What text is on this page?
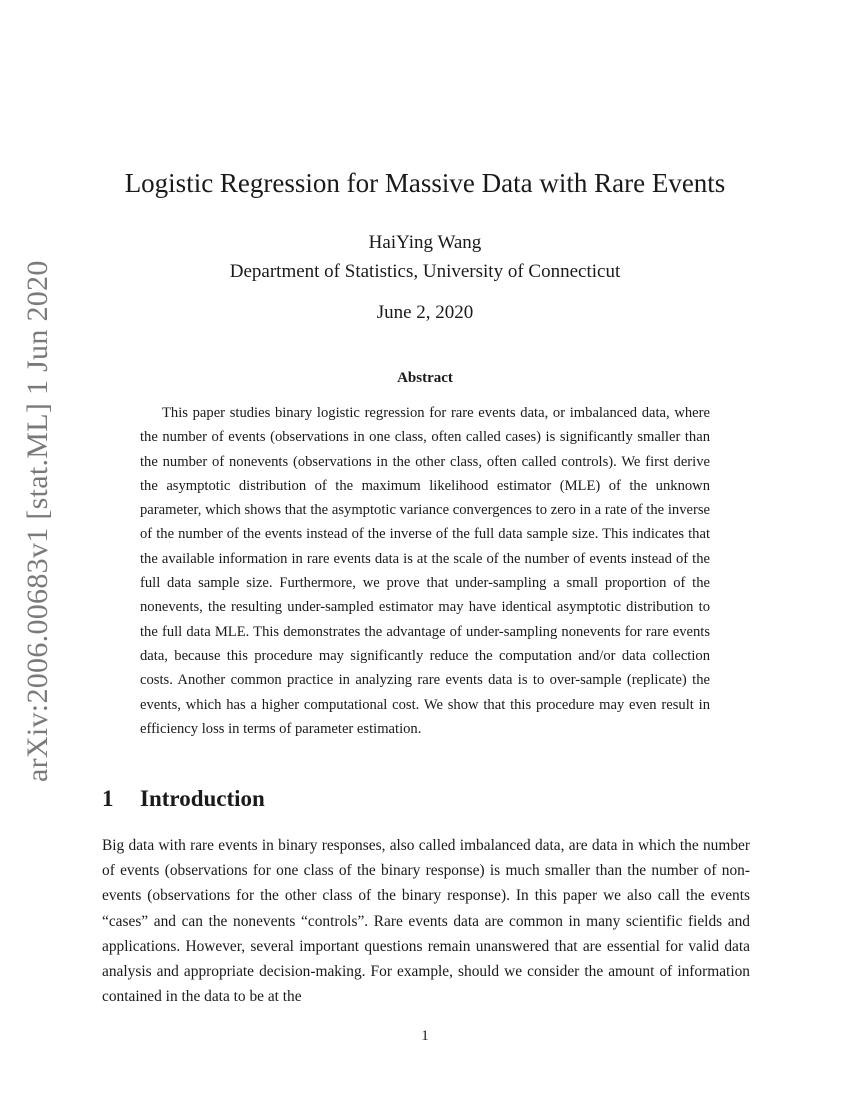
arXiv:2006.00683v1 [stat.ML] 1 Jun 2020
Logistic Regression for Massive Data with Rare Events
HaiYing Wang
Department of Statistics, University of Connecticut
June 2, 2020
Abstract
This paper studies binary logistic regression for rare events data, or imbalanced data, where the number of events (observations in one class, often called cases) is significantly smaller than the number of nonevents (observations in the other class, often called controls). We first derive the asymptotic distribution of the maximum likelihood estimator (MLE) of the unknown parameter, which shows that the asymptotic variance convergences to zero in a rate of the inverse of the number of the events instead of the inverse of the full data sample size. This indicates that the available information in rare events data is at the scale of the number of events instead of the full data sample size. Furthermore, we prove that under-sampling a small proportion of the nonevents, the resulting under-sampled estimator may have identical asymptotic distribution to the full data MLE. This demonstrates the advantage of under-sampling nonevents for rare events data, because this procedure may significantly reduce the computation and/or data collection costs. Another common practice in analyzing rare events data is to over-sample (replicate) the events, which has a higher computational cost. We show that this procedure may even result in efficiency loss in terms of parameter estimation.
1 Introduction
Big data with rare events in binary responses, also called imbalanced data, are data in which the number of events (observations for one class of the binary response) is much smaller than the number of non-events (observations for the other class of the binary response). In this paper we also call the events “cases” and can the nonevents “controls”. Rare events data are common in many scientific fields and applications. However, several important questions remain unanswered that are essential for valid data analysis and appropriate decision-making. For example, should we consider the amount of information contained in the data to be at the
1
